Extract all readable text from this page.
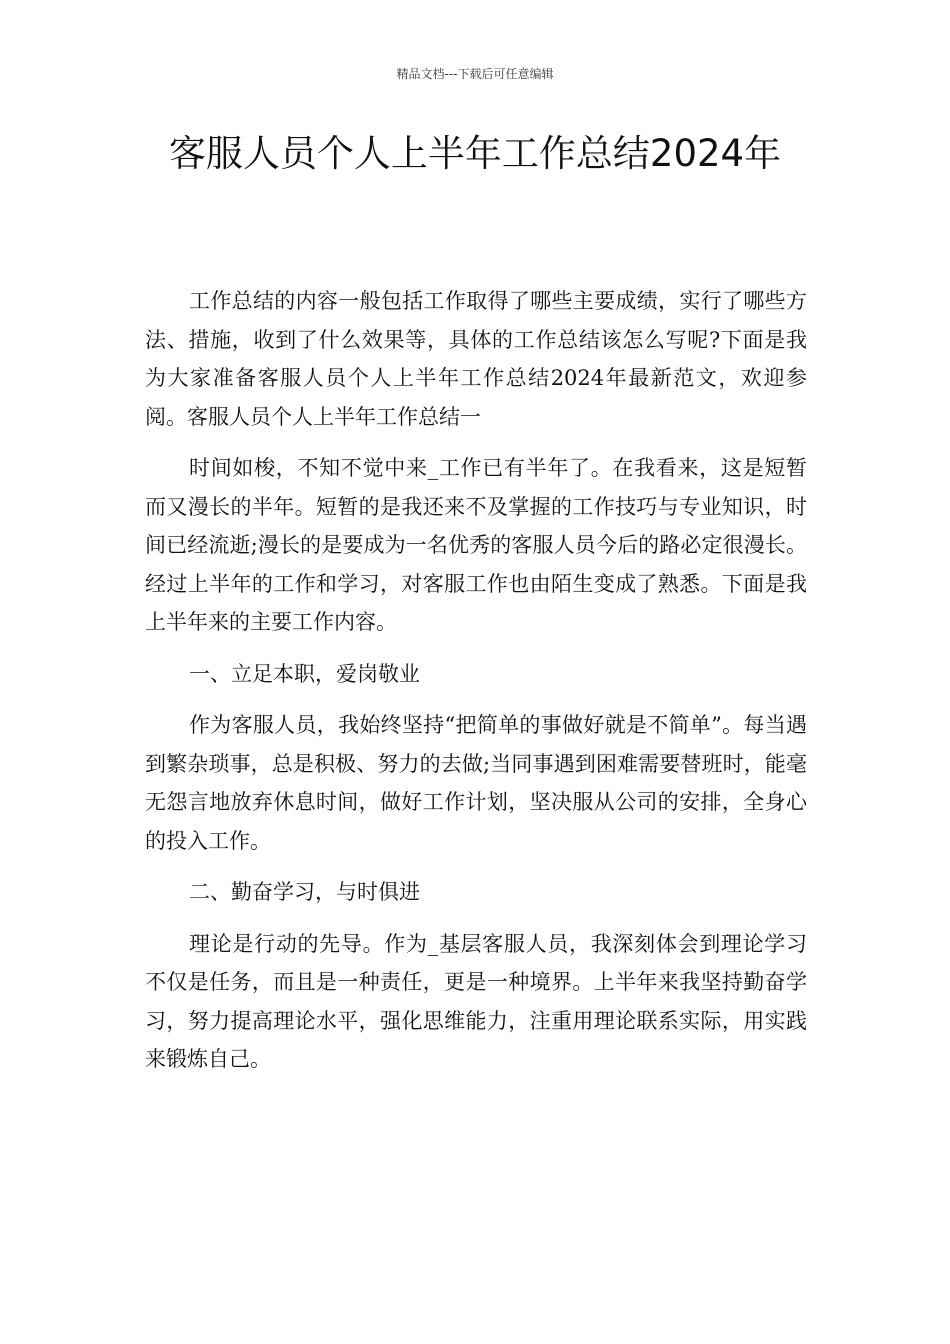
精品文档---下载后可任意编辑
客服人员个人上半年工作总结2024年

工作总结的内容一般包括工作取得了哪些主要成绩，实行了哪些方法、措施，收到了什么效果等，具体的工作总结该怎么写呢?下面是我为大家准备客服人员个人上半年工作总结2024年最新范文，欢迎参阅。客服人员个人上半年工作总结一

时间如梭，不知不觉中来_工作已有半年了。在我看来，这是短暂而又漫长的半年。短暂的是我还来不及掌握的工作技巧与专业知识，时间已经流逝;漫长的是要成为一名优秀的客服人员今后的路必定很漫长。经过上半年的工作和学习，对客服工作也由陌生变成了熟悉。下面是我上半年来的主要工作内容。

一、立足本职，爱岗敬业

作为客服人员，我始终坚持“把简单的事做好就是不简单”。每当遇到繁杂琐事，总是积极、努力的去做;当同事遇到困难需要替班时，能毫无怨言地放弃休息时间，做好工作计划，坚决服从公司的安排，全身心的投入工作。

二、勤奋学习，与时俱进

理论是行动的先导。作为_基层客服人员，我深刻体会到理论学习不仅是任务，而且是一种责任，更是一种境界。上半年来我坚持勤奋学习，努力提高理论水平，强化思维能力，注重用理论联系实际，用实践来锻炼自己。
